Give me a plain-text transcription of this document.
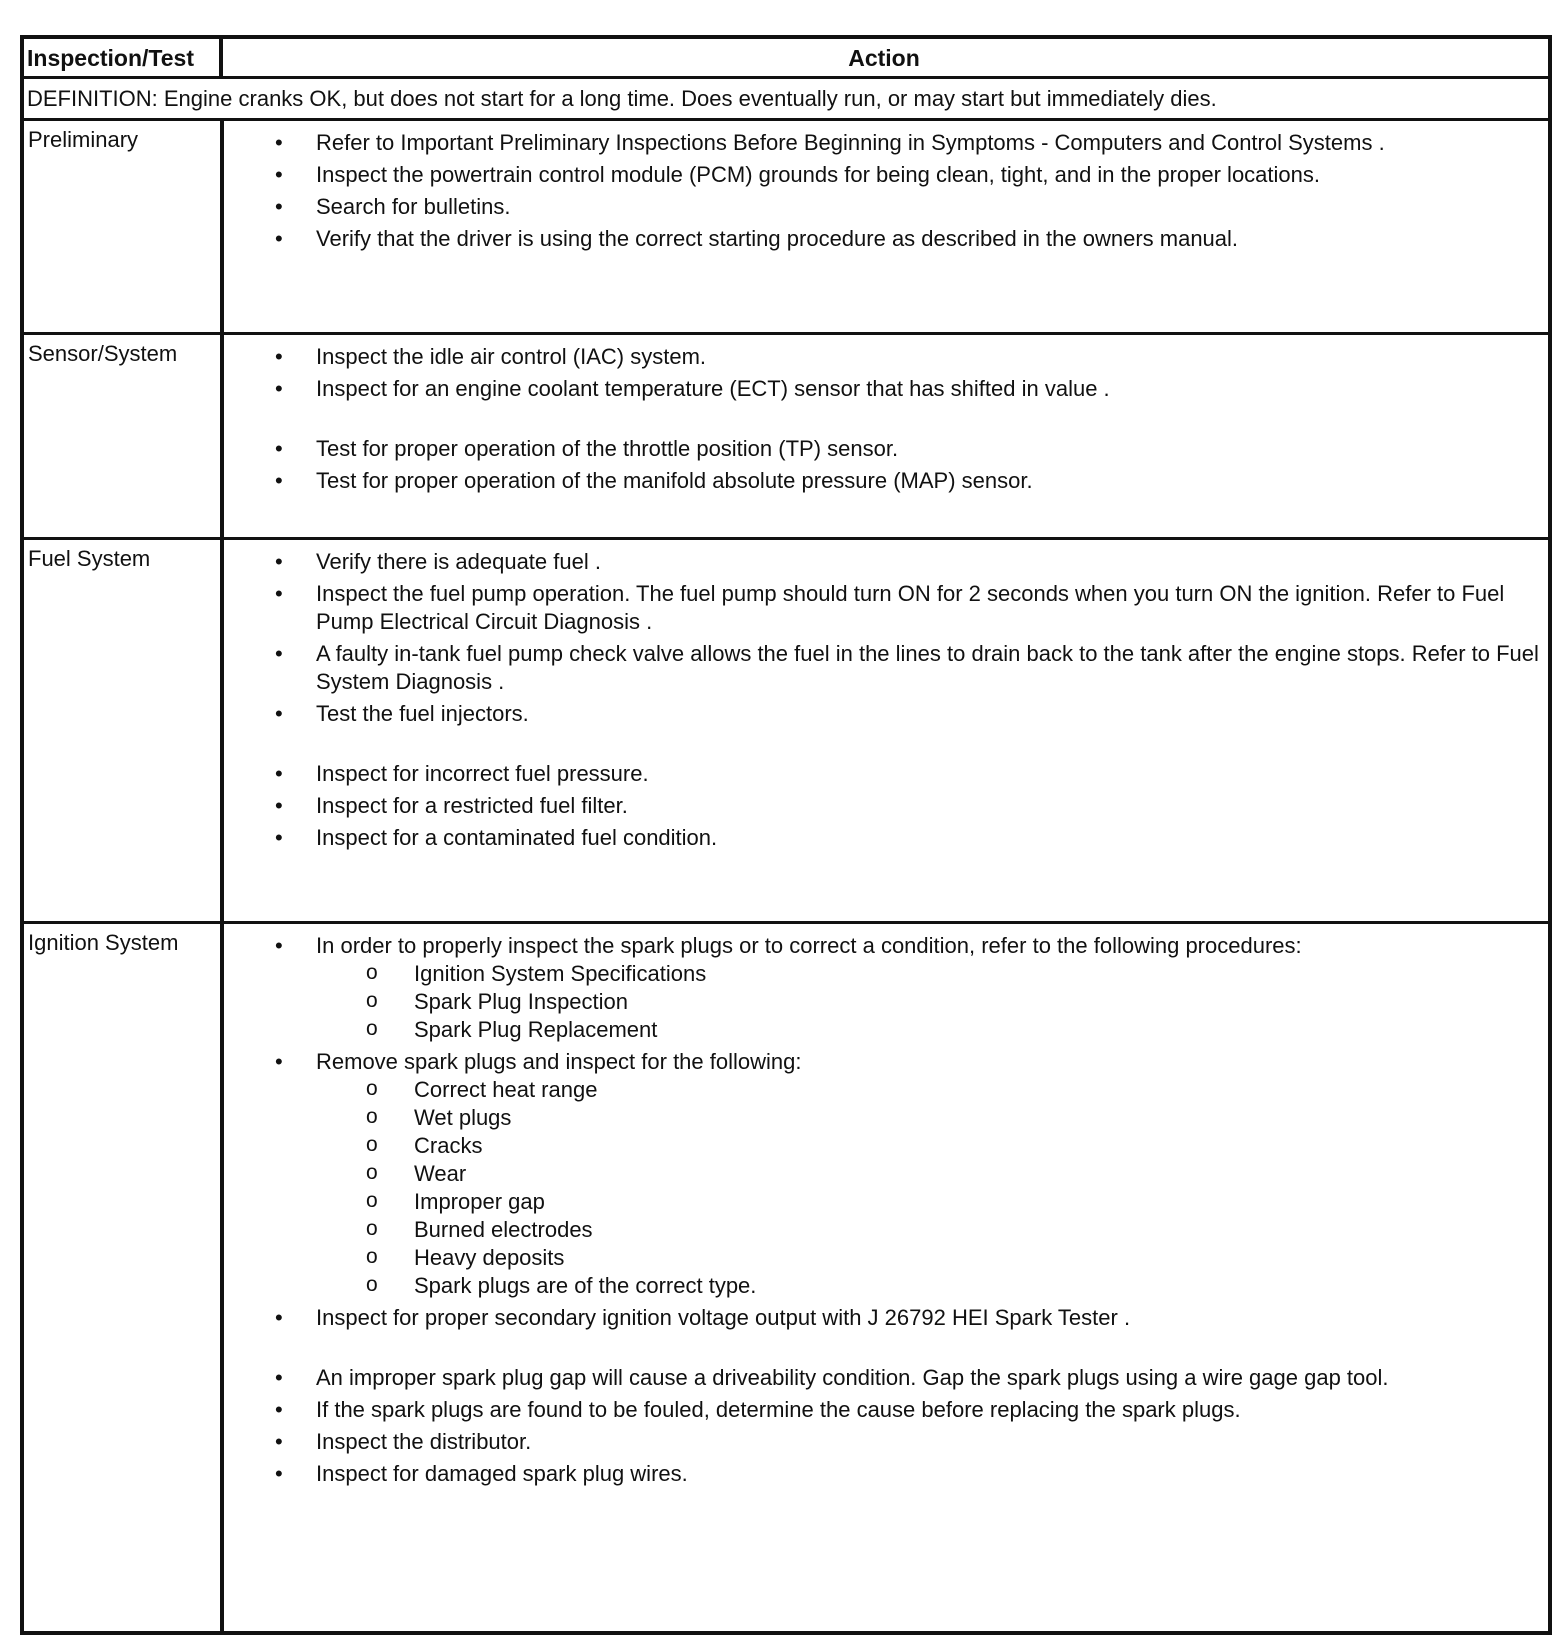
Inspection/Test	Action
DEFINITION: Engine cranks OK, but does not start for a long time. Does eventually run, or may start but immediately dies.
Preliminary	• Refer to Important Preliminary Inspections Before Beginning in Symptoms - Computers and Control Systems .
• Inspect the powertrain control module (PCM) grounds for being clean, tight, and in the proper locations.
• Search for bulletins.
• Verify that the driver is using the correct starting procedure as described in the owners manual.
Sensor/System	• Inspect the idle air control (IAC) system.
• Inspect for an engine coolant temperature (ECT) sensor that has shifted in value .
• Test for proper operation of the throttle position (TP) sensor.
• Test for proper operation of the manifold absolute pressure (MAP) sensor.
Fuel System	• Verify there is adequate fuel .
• Inspect the fuel pump operation. The fuel pump should turn ON for 2 seconds when you turn ON the ignition. Refer to Fuel Pump Electrical Circuit Diagnosis .
• A faulty in-tank fuel pump check valve allows the fuel in the lines to drain back to the tank after the engine stops. Refer to Fuel System Diagnosis .
• Test the fuel injectors.
• Inspect for incorrect fuel pressure.
• Inspect for a restricted fuel filter.
• Inspect for a contaminated fuel condition.
Ignition System	• In order to properly inspect the spark plugs or to correct a condition, refer to the following procedures:
o Ignition System Specifications
o Spark Plug Inspection
o Spark Plug Replacement
• Remove spark plugs and inspect for the following:
o Correct heat range
o Wet plugs
o Cracks
o Wear
o Improper gap
o Burned electrodes
o Heavy deposits
o Spark plugs are of the correct type.
• Inspect for proper secondary ignition voltage output with J 26792 HEI Spark Tester .
• An improper spark plug gap will cause a driveability condition. Gap the spark plugs using a wire gage gap tool.
• If the spark plugs are found to be fouled, determine the cause before replacing the spark plugs.
• Inspect the distributor.
• Inspect for damaged spark plug wires.
